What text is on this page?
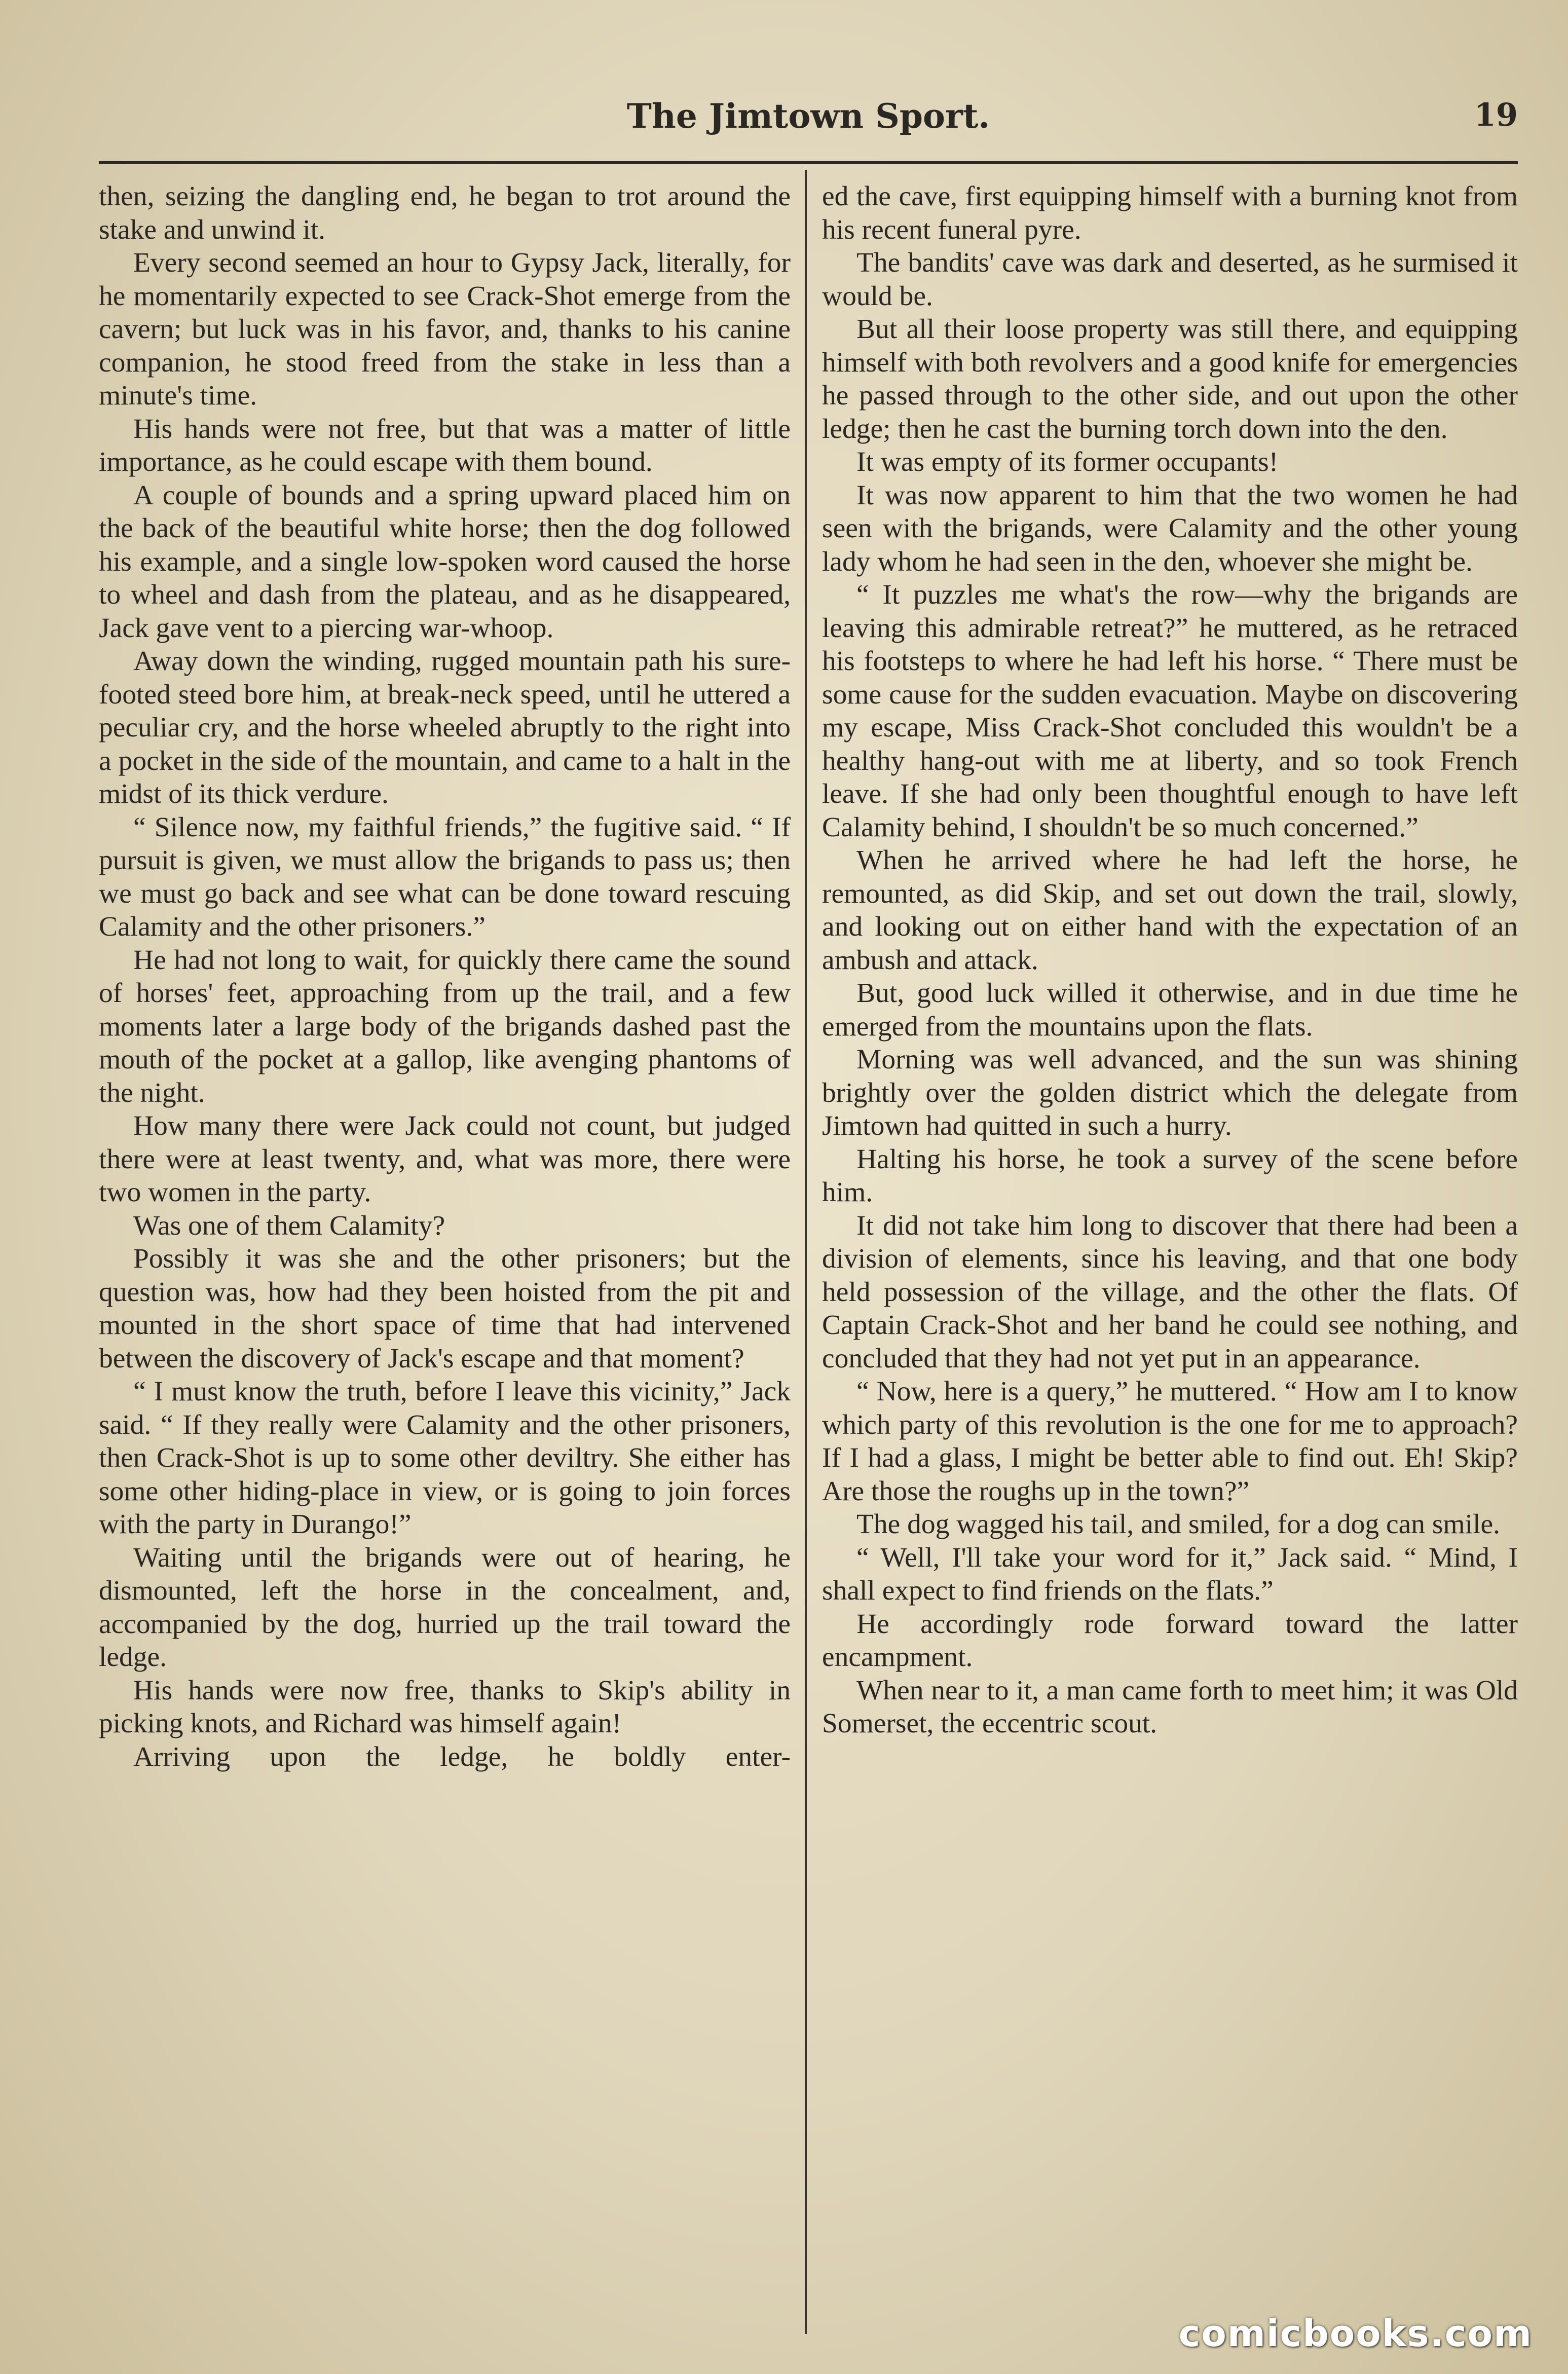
The Jimtown Sport.	19

then, seizing the dangling end, he began to trot around the stake and unwind it.

Every second seemed an hour to Gypsy Jack, literally, for he momentarily expected to see Crack-Shot emerge from the cavern; but luck was in his favor, and, thanks to his canine companion, he stood freed from the stake in less than a minute's time.

His hands were not free, but that was a matter of little importance, as he could escape with them bound.

A couple of bounds and a spring upward placed him on the back of the beautiful white horse; then the dog followed his example, and a single low-spoken word caused the horse to wheel and dash from the plateau, and as he disappeared, Jack gave vent to a piercing war-whoop.

Away down the winding, rugged mountain path his sure-footed steed bore him, at break-neck speed, until he uttered a peculiar cry, and the horse wheeled abruptly to the right into a pocket in the side of the mountain, and came to a halt in the midst of its thick verdure.

“ Silence now, my faithful friends,” the fugitive said. “ If pursuit is given, we must allow the brigands to pass us; then we must go back and see what can be done toward rescuing Calamity and the other prisoners.”

He had not long to wait, for quickly there came the sound of horses' feet, approaching from up the trail, and a few moments later a large body of the brigands dashed past the mouth of the pocket at a gallop, like avenging phantoms of the night.

How many there were Jack could not count, but judged there were at least twenty, and, what was more, there were two women in the party.

Was one of them Calamity?

Possibly it was she and the other prisoners; but the question was, how had they been hoisted from the pit and mounted in the short space of time that had intervened between the discovery of Jack's escape and that moment?

“ I must know the truth, before I leave this vicinity,” Jack said. “ If they really were Calamity and the other prisoners, then Crack-Shot is up to some other deviltry. She either has some other hiding-place in view, or is going to join forces with the party in Durango!”

Waiting until the brigands were out of hearing, he dismounted, left the horse in the concealment, and, accompanied by the dog, hurried up the trail toward the ledge.

His hands were now free, thanks to Skip's ability in picking knots, and Richard was himself again!

Arriving upon the ledge, he boldly enter-

ed the cave, first equipping himself with a burning knot from his recent funeral pyre.

The bandits' cave was dark and deserted, as he surmised it would be.

But all their loose property was still there, and equipping himself with both revolvers and a good knife for emergencies he passed through to the other side, and out upon the other ledge; then he cast the burning torch down into the den.

It was empty of its former occupants!

It was now apparent to him that the two women he had seen with the brigands, were Calamity and the other young lady whom he had seen in the den, whoever she might be.

“ It puzzles me what's the row—why the brigands are leaving this admirable retreat?” he muttered, as he retraced his footsteps to where he had left his horse. “ There must be some cause for the sudden evacuation. Maybe on discovering my escape, Miss Crack-Shot concluded this wouldn't be a healthy hang-out with me at liberty, and so took French leave. If she had only been thoughtful enough to have left Calamity behind, I shouldn't be so much concerned.”

When he arrived where he had left the horse, he remounted, as did Skip, and set out down the trail, slowly, and looking out on either hand with the expectation of an ambush and attack.

But, good luck willed it otherwise, and in due time he emerged from the mountains upon the flats.

Morning was well advanced, and the sun was shining brightly over the golden district which the delegate from Jimtown had quitted in such a hurry.

Halting his horse, he took a survey of the scene before him.

It did not take him long to discover that there had been a division of elements, since his leaving, and that one body held possession of the village, and the other the flats. Of Captain Crack-Shot and her band he could see nothing, and concluded that they had not yet put in an appearance.

“ Now, here is a query,” he muttered. “ How am I to know which party of this revolution is the one for me to approach? If I had a glass, I might be better able to find out. Eh! Skip? Are those the roughs up in the town?”

The dog wagged his tail, and smiled, for a dog can smile.

“ Well, I'll take your word for it,” Jack said. “ Mind, I shall expect to find friends on the flats.”

He accordingly rode forward toward the latter encampment.

When near to it, a man came forth to meet him; it was Old Somerset, the eccentric scout.

comicbooks.com
